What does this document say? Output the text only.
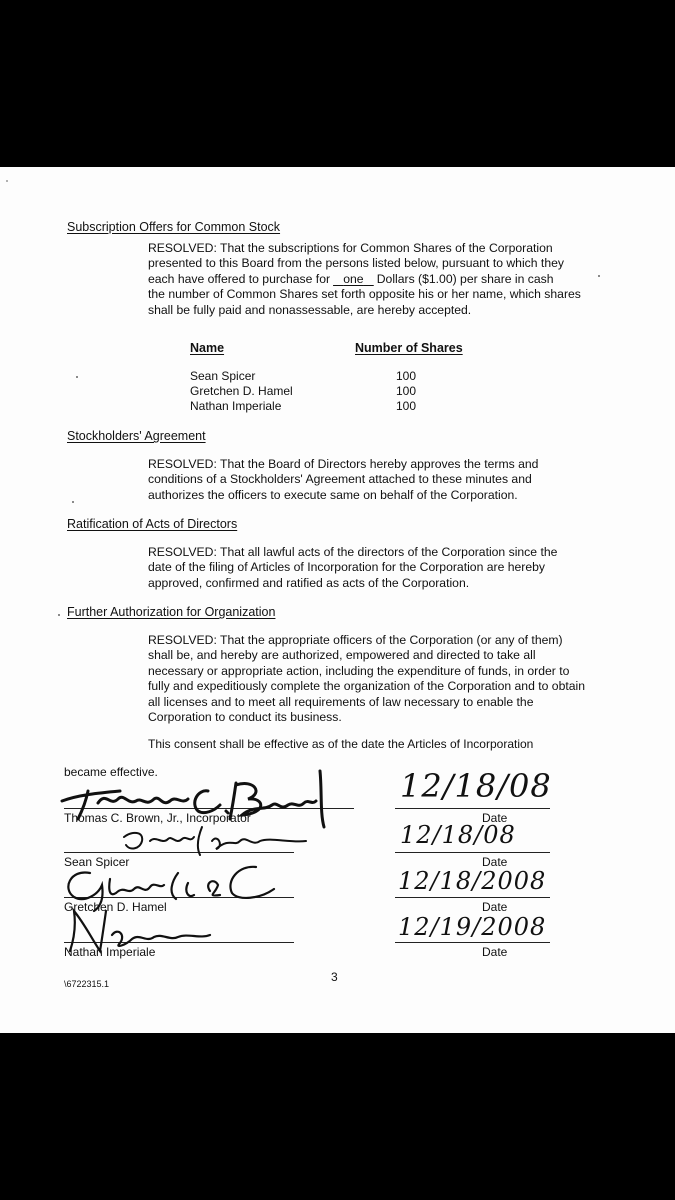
Subscription Offers for Common Stock
RESOLVED: That the subscriptions for Common Shares of the Corporation
presented to this Board from the persons listed below, pursuant to which they
each have offered to purchase for one Dollars ($1.00) per share in cash
the number of Common Shares set forth opposite his or her name, which shares
shall be fully paid and nonassessable, are hereby accepted.
Name	Number of Shares
Sean Spicer	100
Gretchen D. Hamel	100
Nathan Imperiale	100
Stockholders' Agreement
RESOLVED: That the Board of Directors hereby approves the terms and
conditions of a Stockholders' Agreement attached to these minutes and
authorizes the officers to execute same on behalf of the Corporation.
Ratification of Acts of Directors
RESOLVED: That all lawful acts of the directors of the Corporation since the
date of the filing of Articles of Incorporation for the Corporation are hereby
approved, confirmed and ratified as acts of the Corporation.
Further Authorization for Organization
RESOLVED: That the appropriate officers of the Corporation (or any of them)
shall be, and hereby are authorized, empowered and directed to take all
necessary or appropriate action, including the expenditure of funds, in order to
fully and expeditiously complete the organization of the Corporation and to obtain
all licenses and to meet all requirements of law necessary to enable the
Corporation to conduct its business.
This consent shall be effective as of the date the Articles of Incorporation
became effective.
Thomas C. Brown, Jr., Incorporator	Date
12/18/08
Sean Spicer	Date
12/18/08
Gretchen D. Hamel	Date
12/18/2008
Nathan Imperiale	Date
12/19/2008
3
\6722315.1
